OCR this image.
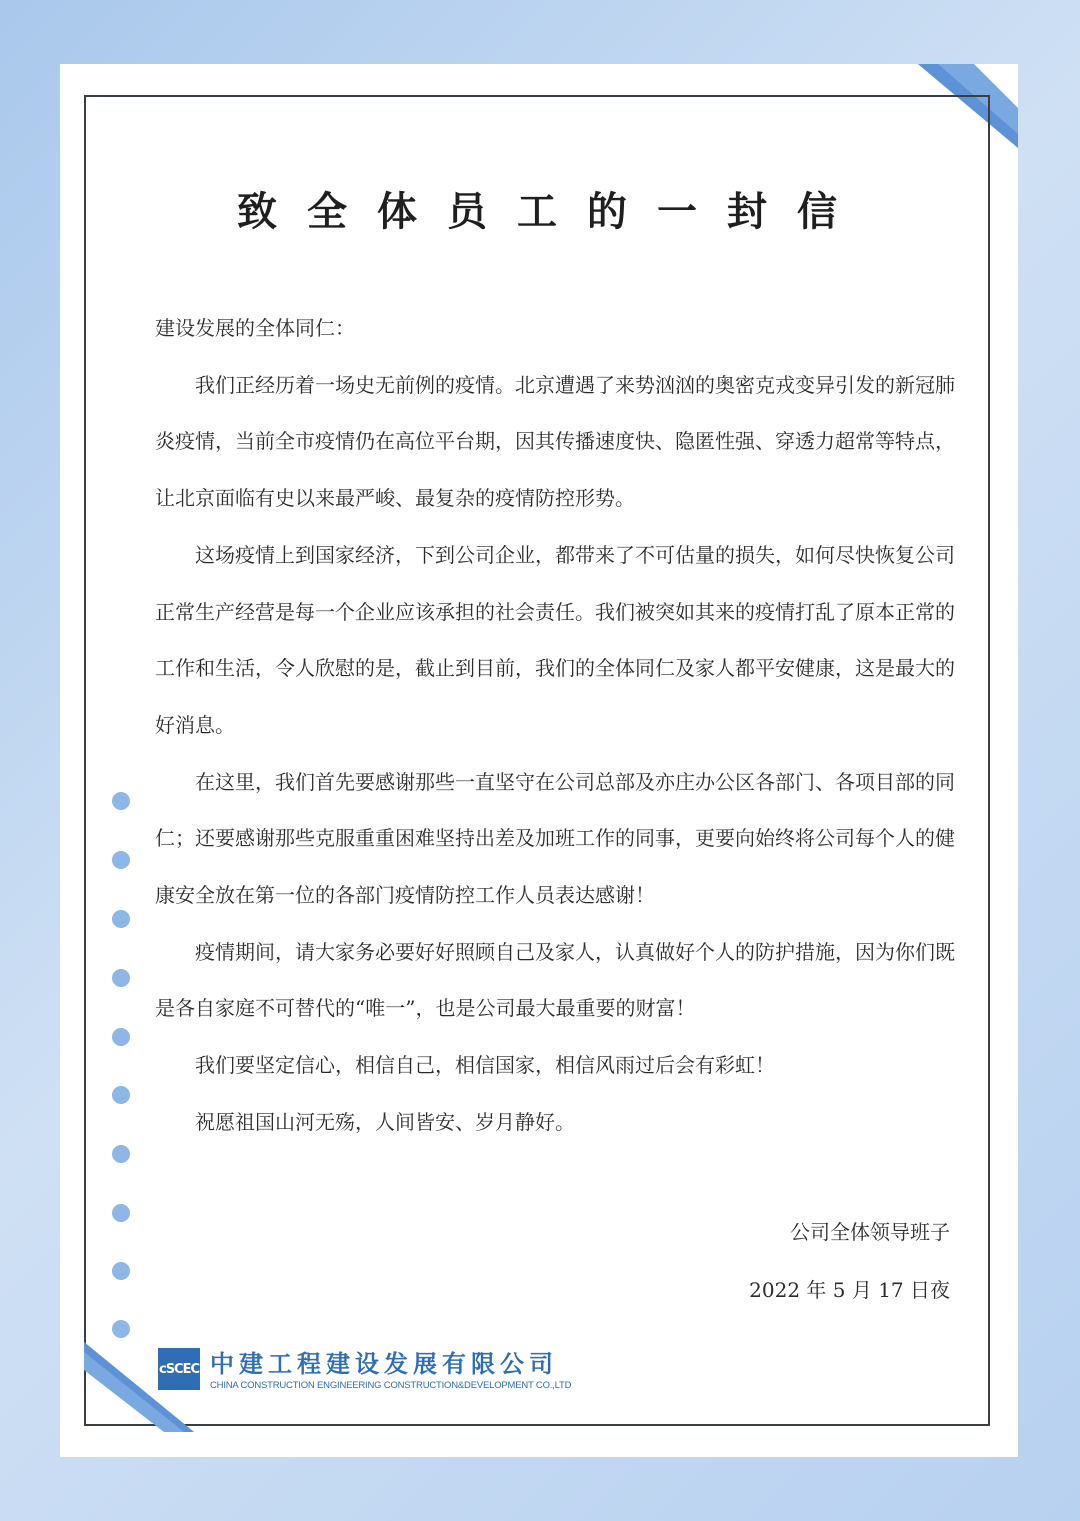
致全体员工的一封信

建设发展的全体同仁：

我们正经历着一场史无前例的疫情。北京遭遇了来势汹汹的奥密克戎变异引发的新冠肺炎疫情，当前全市疫情仍在高位平台期，因其传播速度快、隐匿性强、穿透力超常等特点，让北京面临有史以来最严峻、最复杂的疫情防控形势。

这场疫情上到国家经济，下到公司企业，都带来了不可估量的损失，如何尽快恢复公司正常生产经营是每一个企业应该承担的社会责任。我们被突如其来的疫情打乱了原本正常的工作和生活，令人欣慰的是，截止到目前，我们的全体同仁及家人都平安健康，这是最大的好消息。

在这里，我们首先要感谢那些一直坚守在公司总部及亦庄办公区各部门、各项目部的同仁；还要感谢那些克服重重困难坚持出差及加班工作的同事，更要向始终将公司每个人的健康安全放在第一位的各部门疫情防控工作人员表达感谢！

疫情期间，请大家务必要好好照顾自己及家人，认真做好个人的防护措施，因为你们既是各自家庭不可替代的“唯一”，也是公司最大最重要的财富！

我们要坚定信心，相信自己，相信国家，相信风雨过后会有彩虹！

祝愿祖国山河无殇，人间皆安、岁月静好。

公司全体领导班子
2022 年 5 月 17 日夜
cSCEC 中建工程建设发展有限公司
CHINA CONSTRUCTION ENGINEERING CONSTRUCTION&DEVELOPMENT CO.,LTD
